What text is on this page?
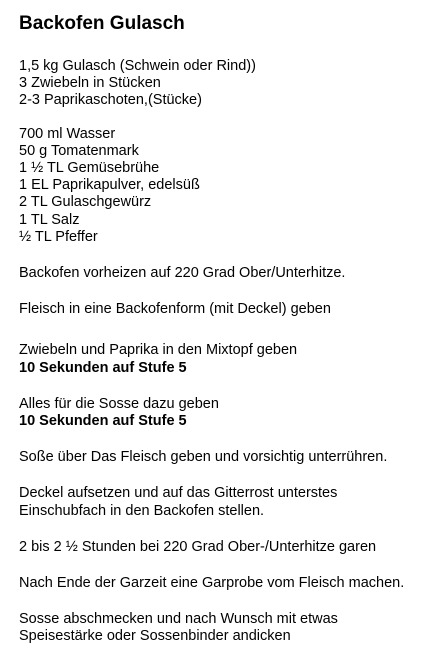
Backofen Gulasch
1,5 kg Gulasch (Schwein oder Rind))
3 Zwiebeln in Stücken
2-3 Paprikaschoten,(Stücke)
700 ml Wasser
50 g Tomatenmark
1 ½ TL Gemüsebrühe
1 EL Paprikapulver, edelsüß
2 TL Gulaschgewürz
1 TL Salz
½ TL Pfeffer
Backofen vorheizen auf 220 Grad Ober/Unterhitze.
Fleisch in eine Backofenform (mit Deckel) geben
Zwiebeln und Paprika in den Mixtopf geben
10 Sekunden auf Stufe 5
Alles für die Sosse dazu geben
10 Sekunden auf Stufe 5
Soße über Das Fleisch geben und vorsichtig unterrühren.
Deckel aufsetzen und auf das Gitterrost unterstes
Einschubfach in den Backofen stellen.
2 bis 2 ½ Stunden bei 220 Grad Ober-/Unterhitze garen
Nach Ende der Garzeit eine Garprobe vom Fleisch machen.
Sosse abschmecken und nach Wunsch mit etwas
Speisestärke oder Sossenbinder andicken
